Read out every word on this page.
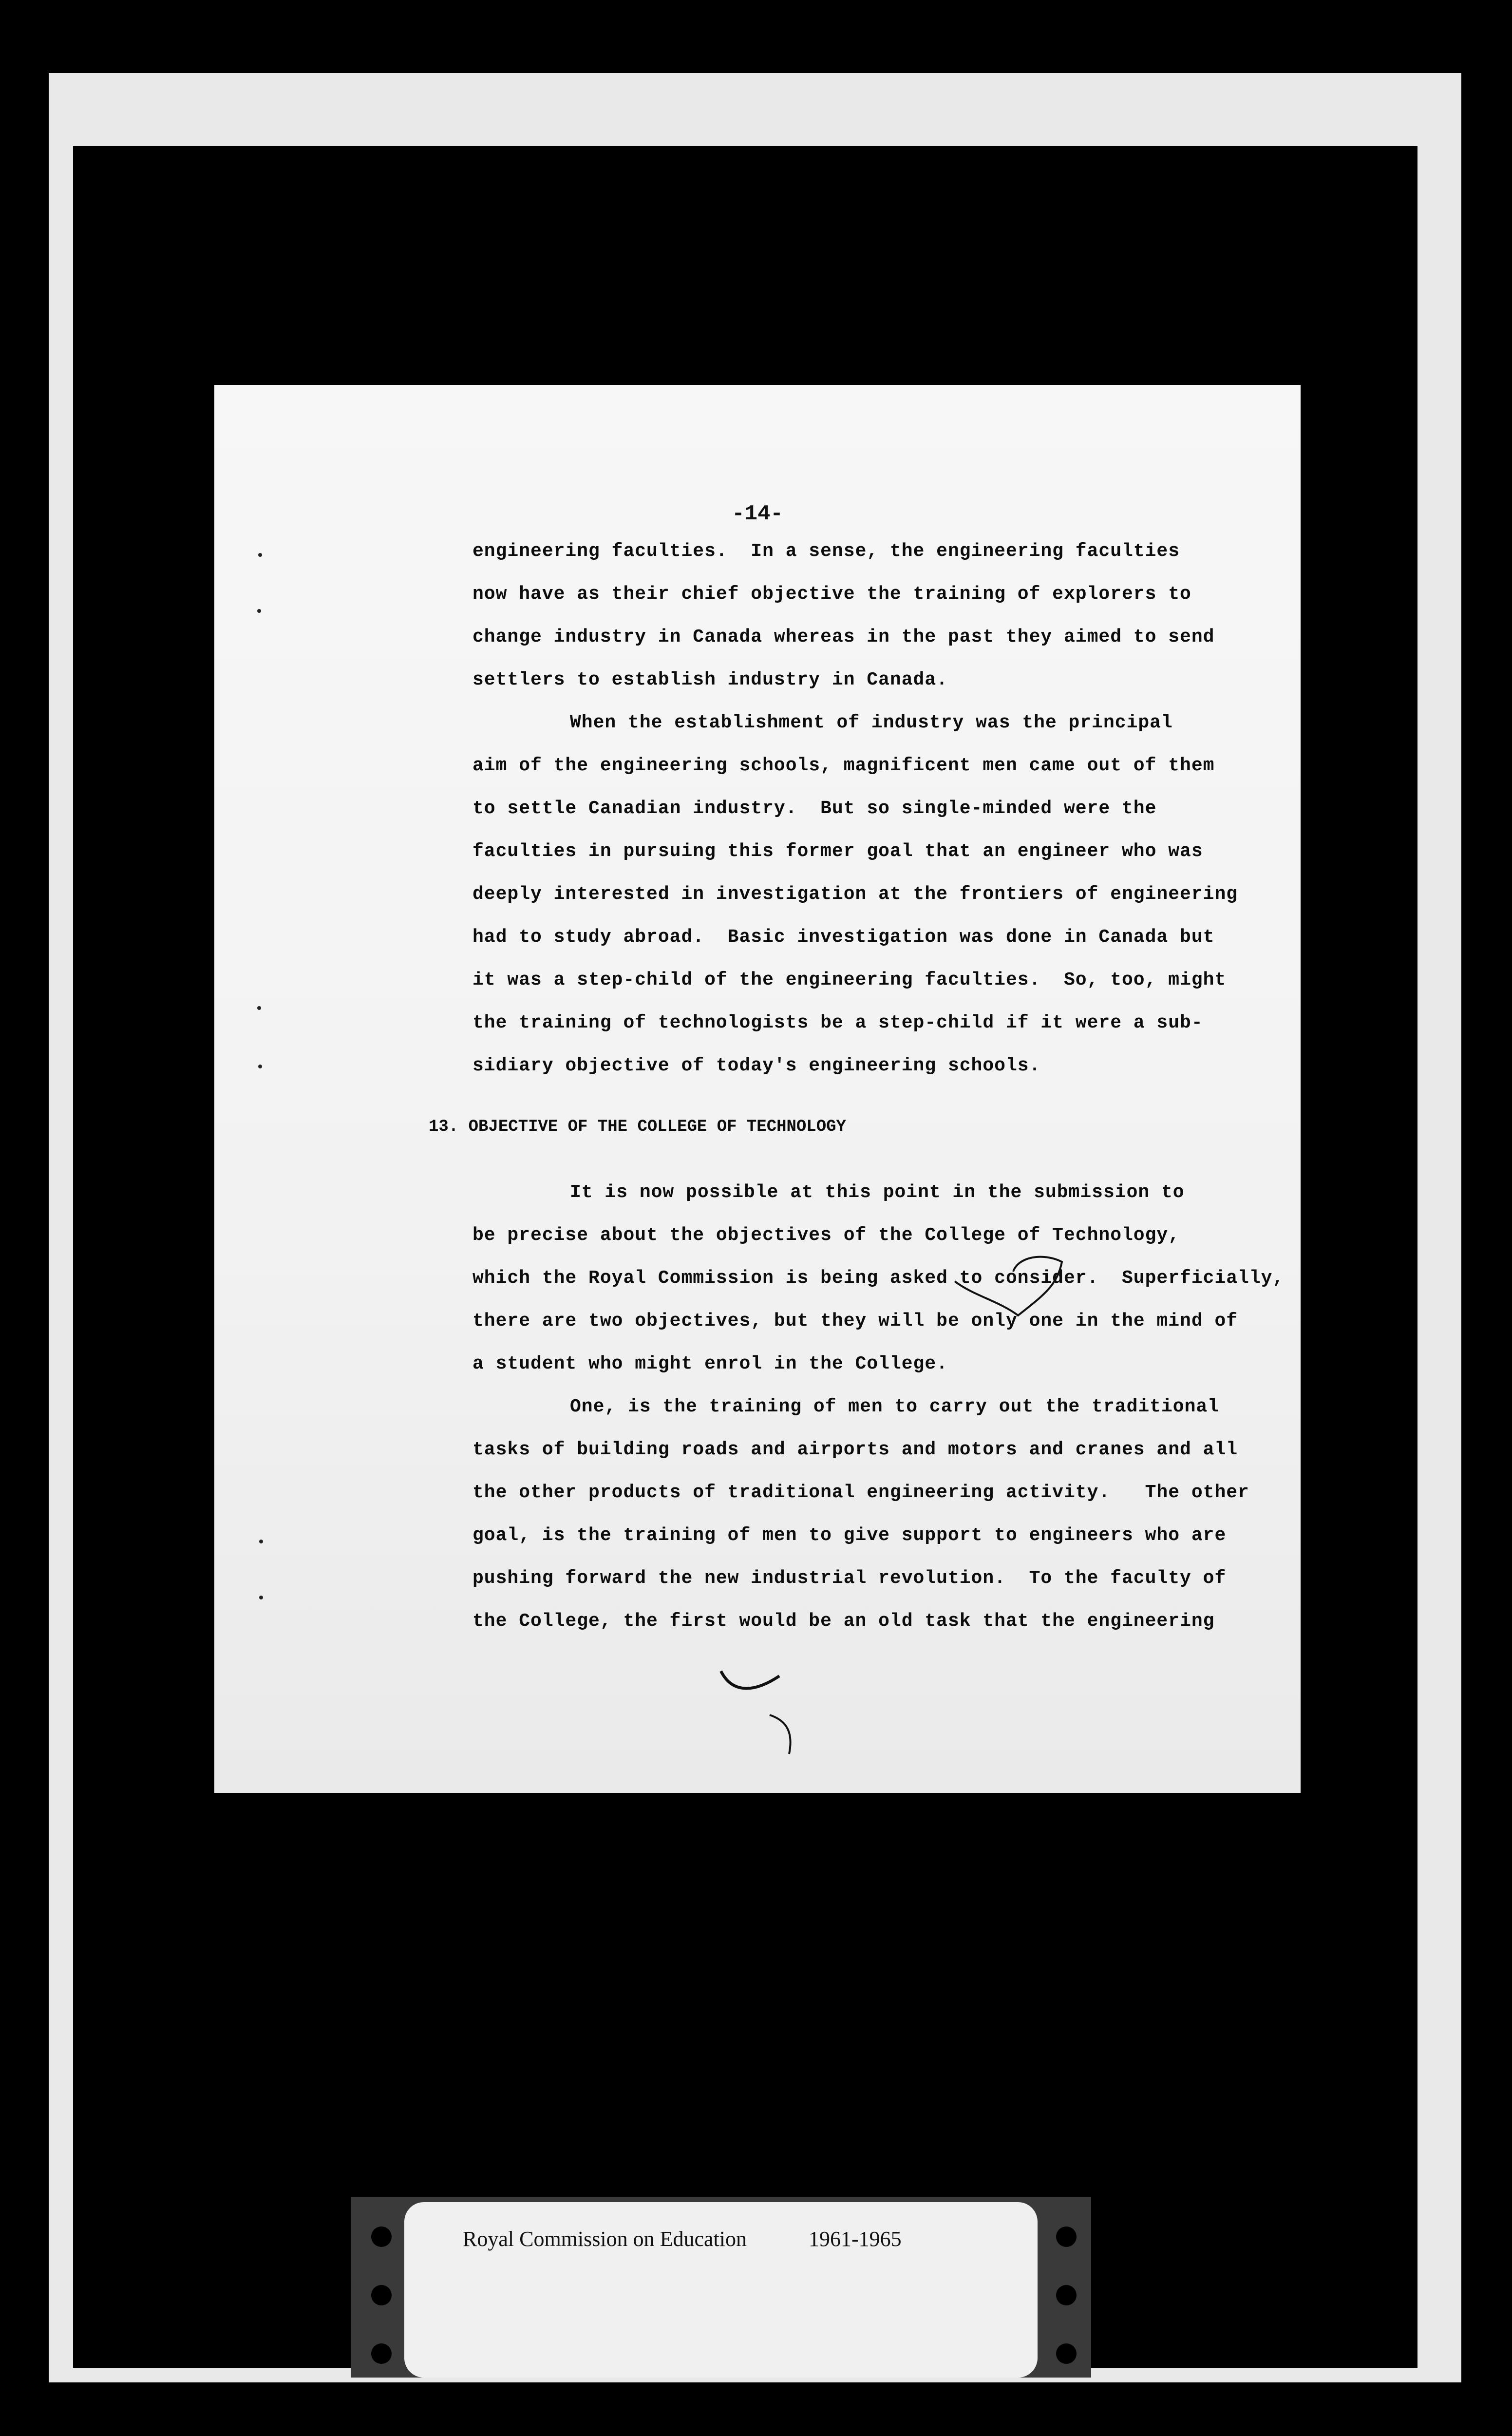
-14-
engineering faculties.  In a sense, the engineering faculties
now have as their chief objective the training of explorers to
change industry in Canada whereas in the past they aimed to send
settlers to establish industry in Canada.
When the establishment of industry was the principal
aim of the engineering schools, magnificent men came out of them
to settle Canadian industry.  But so single-minded were the
faculties in pursuing this former goal that an engineer who was
deeply interested in investigation at the frontiers of engineering
had to study abroad.  Basic investigation was done in Canada but
it was a step-child of the engineering faculties.  So, too, might
the training of technologists be a step-child if it were a sub-
sidiary objective of today's engineering schools.
13. OBJECTIVE OF THE COLLEGE OF TECHNOLOGY
It is now possible at this point in the submission to
be precise about the objectives of the College of Technology,
which the Royal Commission is being asked to consider.  Superficially,
there are two objectives, but they will be only one in the mind of
a student who might enrol in the College.
One, is the training of men to carry out the traditional
tasks of building roads and airports and motors and cranes and all
the other products of traditional engineering activity.   The other
goal, is the training of men to give support to engineers who are
pushing forward the new industrial revolution.  To the faculty of
the College, the first would be an old task that the engineering
Royal Commission on Education	1961-1965
